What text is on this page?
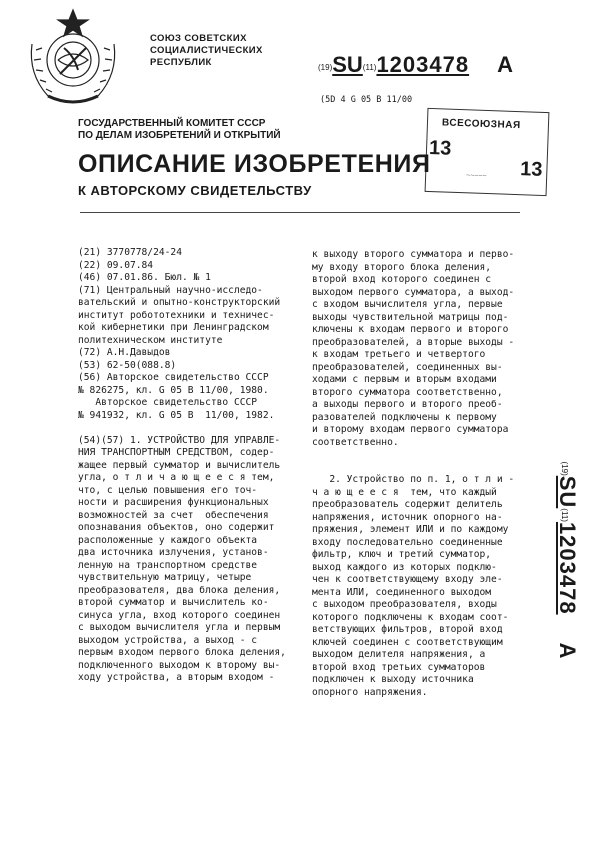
СОЮЗ СОВЕТСКИХ
СОЦИАЛИСТИЧЕСКИХ
РЕСПУБЛИК	(19)SU(11)1203478 A
(5D 4 G 05 B 11/00
ГОСУДАРСТВЕННЫЙ КОМИТЕТ СССР
ПО ДЕЛАМ ИЗОБРЕТЕНИЙ И ОТКРЫТИЙ
ВСЕСОЮЗНАЯ
13
13
~~~~~
ОПИСАНИЕ ИЗОБРЕТЕНИЯ
К АВТОРСКОМУ СВИДЕТЕЛЬСТВУ
(21) 3770778/24-24
(22) 09.07.84
(46) 07.01.86. Бюл. № 1
(71) Центральный научно-исследо-
вательский и опытно-конструкторский
институт робототехники и техничес-
кой кибернетики при Ленинградском
политехническом институте
(72) А.Н.Давыдов
(53) 62-50(088.8)
(56) Авторское свидетельство СССР
№ 826275, кл. G 05 B 11/00, 1980.
Авторское свидетельство СССР
№ 941932, кл. G 05 B  11/00, 1982.
(54)(57) 1. УСТРОЙСТВО ДЛЯ УПРАВЛЕ-
НИЯ ТРАНСПОРТНЫМ СРЕДСТВОМ, содер-
жащее первый сумматор и вычислитель
угла, о т л и ч а ю щ е е с я тем,
что, с целью повышения его точ-
ности и расширения функциональных
возможностей за счет  обеспечения
опознавания объектов, оно содержит
расположенные у каждого объекта
два источника излучения, установ-
ленную на транспортном средстве
чувствительную матрицу, четыре
преобразователя, два блока деления,
второй сумматор и вычислитель ко-
синуса угла, вход которого соединен
с выходом вычислителя угла и первым
выходом устройства, а выход - с
первым входом первого блока деления,
подключенного выходом к второму вы-
ходу устройства, а вторым входом -
к выходу второго сумматора и перво-
му входу второго блока деления,
второй вход которого соединен с
выходом первого сумматора, а выход-
с входом вычислителя угла, первые
выходы чувствительной матрицы под-
ключены к входам первого и второго
преобразователей, а вторые выходы -
к входам третьего и четвертого
преобразователей, соединенных вы-
ходами с первым и вторым входами
второго сумматора соответственно,
а выходы первого и второго преоб-
разователей подключены к первому
и второму входам первого сумматора
соответственно.
2. Устройство по п. 1, о т л и -
ч а ю щ е е с я  тем, что каждый
преобразователь содержит делитель
напряжения, источник опорного на-
пряжения, элемент ИЛИ и по каждому
входу последовательно соединенные
фильтр, ключ и третий сумматор,
выход каждого из которых подклю-
чен к соответствующему входу эле-
мента ИЛИ, соединенного выходом
с выходом преобразователя, входы
которого подключены к входам соот-
ветствующих фильтров, второй вход
ключей соединен с соответствующим
выходом делителя напряжения, а
второй вход третьих сумматоров
подключен к выходу источника
опорного напряжения.
(19)SU(11)1203478A
